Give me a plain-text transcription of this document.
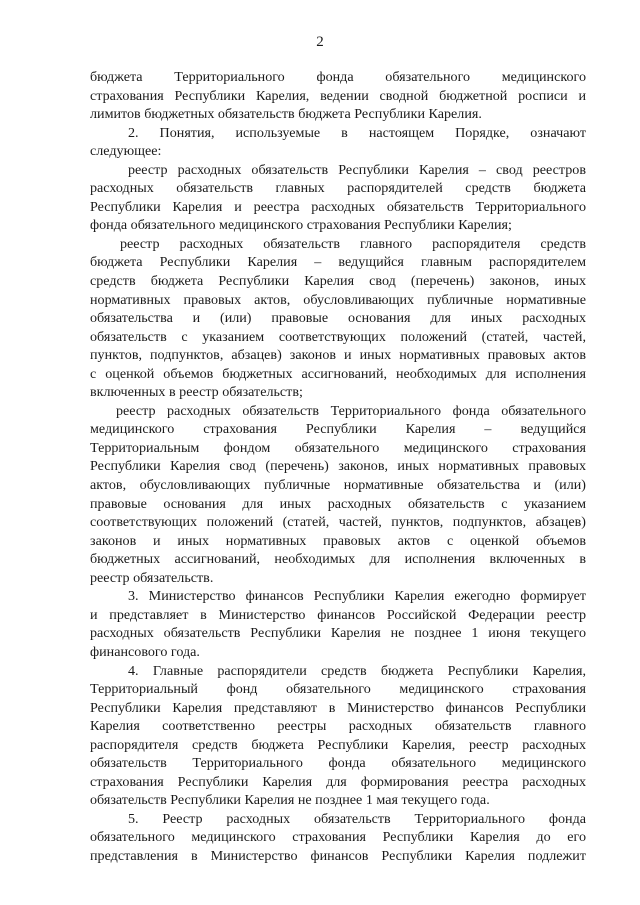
2

бюджета Территориального фонда обязательного медицинского
страхования Республики Карелия, ведении сводной бюджетной росписи и
лимитов бюджетных обязательств бюджета Республики Карелия.

2. Понятия, используемые в настоящем Порядке, означают
следующее:

реестр расходных обязательств Республики Карелия – свод реестров
расходных обязательств главных распорядителей средств бюджета
Республики Карелия и реестра расходных обязательств Территориального
фонда обязательного медицинского страхования Республики Карелия;

реестр расходных обязательств главного распорядителя средств
бюджета Республики Карелия – ведущийся главным распорядителем
средств бюджета Республики Карелия свод (перечень) законов, иных
нормативных правовых актов, обусловливающих публичные нормативные
обязательства и (или) правовые основания для иных расходных
обязательств с указанием соответствующих положений (статей, частей,
пунктов, подпунктов, абзацев) законов и иных нормативных правовых актов
с оценкой объемов бюджетных ассигнований, необходимых для исполнения
включенных в реестр обязательств;

реестр расходных обязательств Территориального фонда обязательного
медицинского страхования Республики Карелия – ведущийся
Территориальным фондом обязательного медицинского страхования
Республики Карелия свод (перечень) законов, иных нормативных правовых
актов, обусловливающих публичные нормативные обязательства и (или)
правовые основания для иных расходных обязательств с указанием
соответствующих положений (статей, частей, пунктов, подпунктов, абзацев)
законов и иных нормативных правовых актов с оценкой объемов
бюджетных ассигнований, необходимых для исполнения включенных в
реестр обязательств.

3. Министерство финансов Республики Карелия ежегодно формирует
и представляет в Министерство финансов Российской Федерации реестр
расходных обязательств Республики Карелия не позднее 1 июня текущего
финансового года.

4. Главные распорядители средств бюджета Республики Карелия,
Территориальный фонд обязательного медицинского страхования
Республики Карелия представляют в Министерство финансов Республики
Карелия соответственно реестры расходных обязательств главного
распорядителя средств бюджета Республики Карелия, реестр расходных
обязательств Территориального фонда обязательного медицинского
страхования Республики Карелия для формирования реестра расходных
обязательств Республики Карелия не позднее 1 мая текущего года.

5. Реестр расходных обязательств Территориального фонда
обязательного медицинского страхования Республики Карелия до его
представления в Министерство финансов Республики Карелия подлежит
